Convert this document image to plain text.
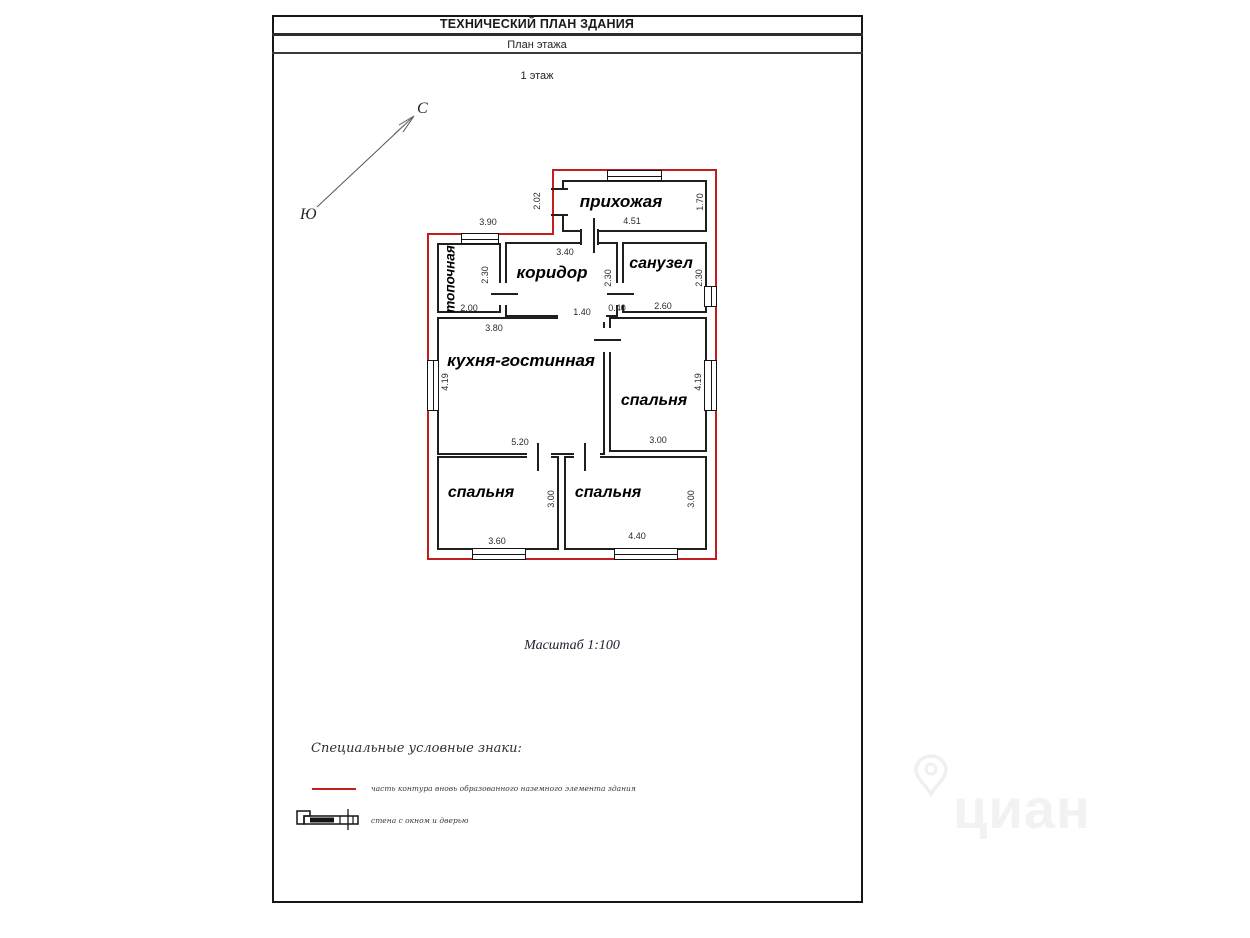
ТЕХНИЧЕСКИЙ ПЛАН ЗДАНИЯ
План этажа
1 этаж
С
Ю
прихожая
топочная	коридор	санузел
кухня-гостинная
спальня
спальня	спальня
3.90
2.02
4.51
1.70
3.40
2.30	2.30	2.30
2.00	2.60
0.40
1.40
3.80
4.19	4.19
5.20	3.00
3.00	3.00
3.60	4.40
Масштаб 1:100
Специальные условные знаки:
часть контура вновь образованного наземного элемента здания
стена с окном и дверью	циан
